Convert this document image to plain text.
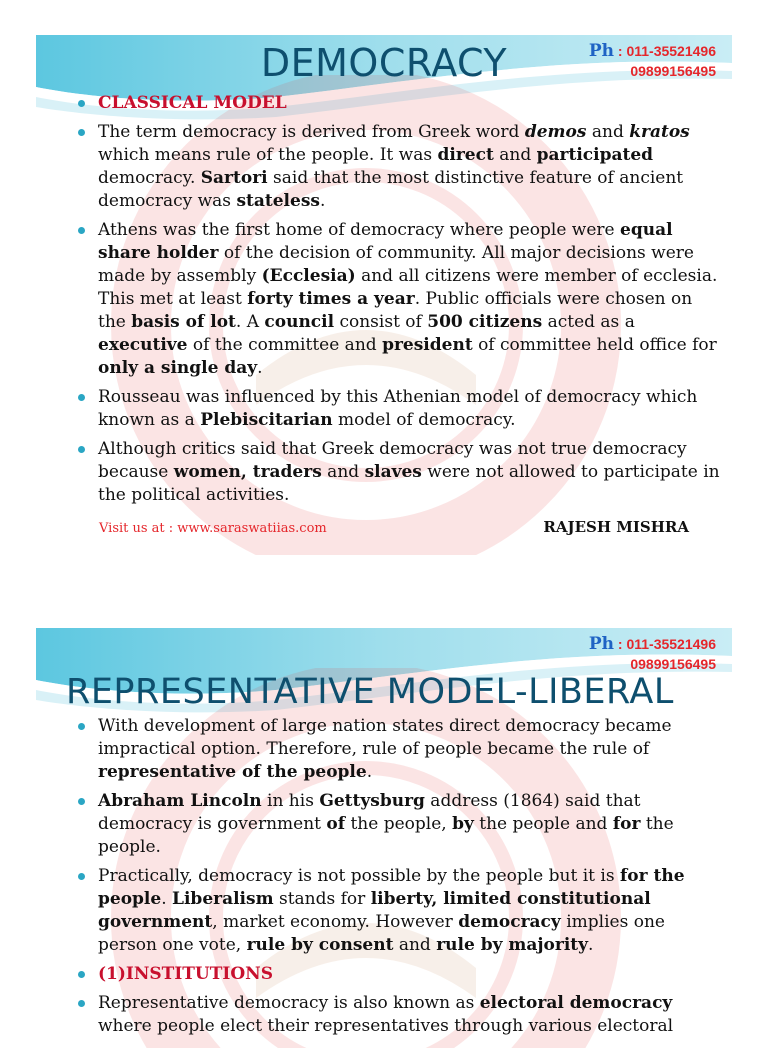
Ph : 011-35521496
09899156495
DEMOCRACY
CLASSICAL MODEL
The term democracy is derived from Greek word demos and kratos which means rule of the people. It was direct and participated democracy. Sartori said that the most distinctive feature of ancient democracy was stateless.
Athens was the first home of democracy where people were equal share holder of the decision of community. All major decisions were made by assembly (Ecclesia) and all citizens were member of ecclesia. This met at least forty times a year. Public officials were chosen on the basis of lot. A council consist of 500 citizens acted as a executive of the committee and president of committee held office for only a single day.
Rousseau was influenced by this Athenian model of democracy which known as a Plebiscitarian model of democracy.
Although critics said that Greek democracy was not true democracy because women, traders and slaves were not allowed to participate in the political activities.
Visit us at : www.saraswatiias.com	RAJESH MISHRA
Ph : 011-35521496
09899156495
REPRESENTATIVE MODEL-LIBERAL
With development of large nation states direct democracy became impractical option. Therefore, rule of people became the rule of representative of the people.
Abraham Lincoln in his Gettysburg address (1864) said that democracy is government of the people, by the people and for the people.
Practically, democracy is not possible by the people but it is for the people. Liberalism stands for liberty, limited constitutional government, market economy. However democracy implies one person one vote, rule by consent and rule by majority.
(1)INSTITUTIONS
Representative democracy is also known as electoral democracy where people elect their representatives through various electoral
